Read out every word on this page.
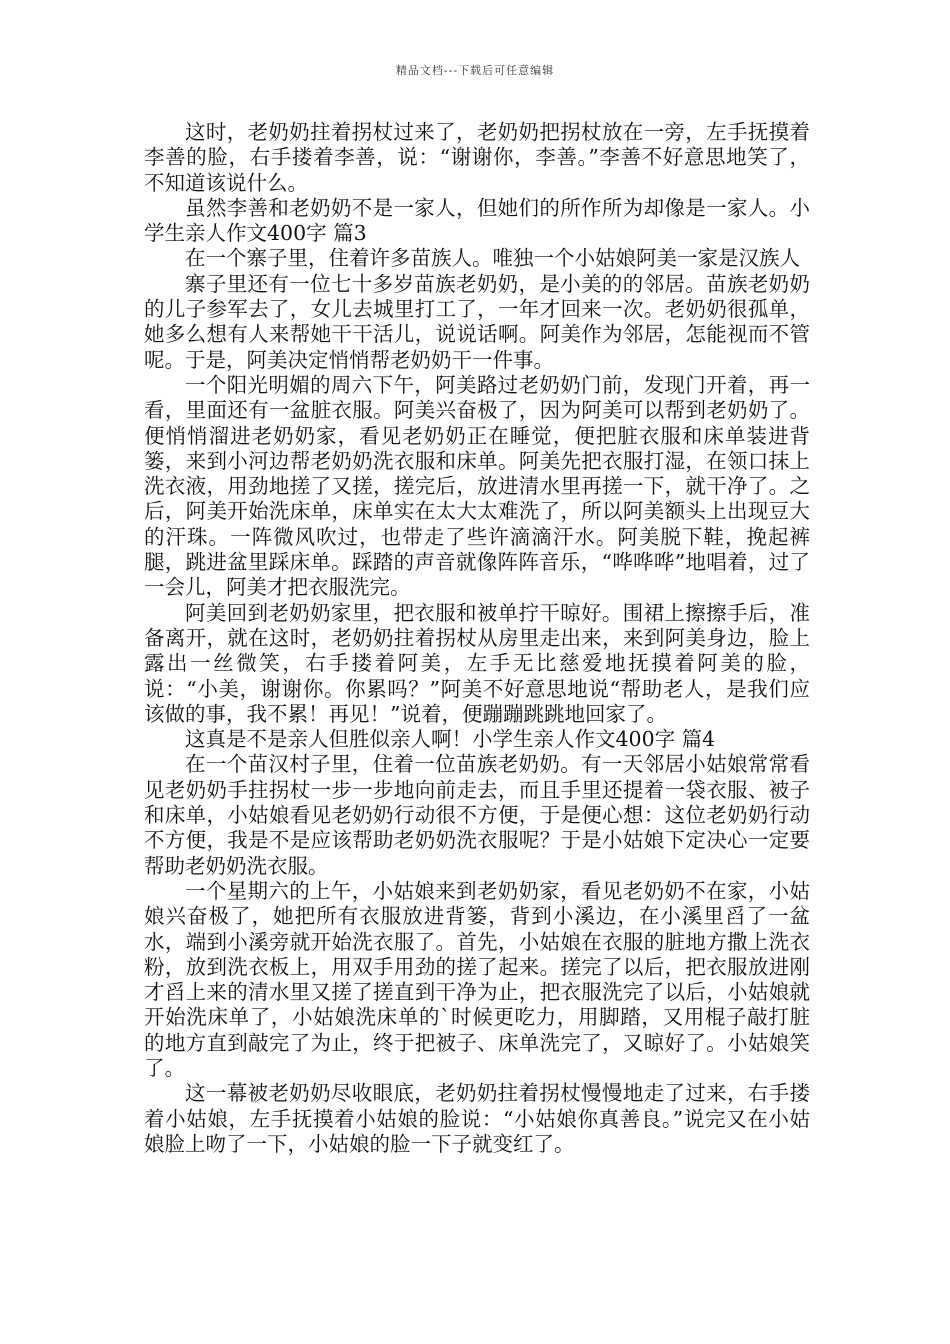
精品文档---下载后可任意编辑

这时，老奶奶拄着拐杖过来了，老奶奶把拐杖放在一旁，左手抚摸着李善的脸，右手搂着李善，说：“谢谢你，李善。”李善不好意思地笑了，不知道该说什么。

虽然李善和老奶奶不是一家人，但她们的所作所为却像是一家人。小学生亲人作文400字 篇3

在一个寨子里，住着许多苗族人。唯独一个小姑娘阿美一家是汉族人

寨子里还有一位七十多岁苗族老奶奶，是小美的的邻居。苗族老奶奶的儿子参军去了，女儿去城里打工了，一年才回来一次。老奶奶很孤单，她多么想有人来帮她干干活儿，说说话啊。阿美作为邻居，怎能视而不管呢。于是，阿美决定悄悄帮老奶奶干一件事。

一个阳光明媚的周六下午，阿美路过老奶奶门前，发现门开着，再一看，里面还有一盆脏衣服。阿美兴奋极了，因为阿美可以帮到老奶奶了。便悄悄溜进老奶奶家，看见老奶奶正在睡觉，便把脏衣服和床单装进背篓，来到小河边帮老奶奶洗衣服和床单。阿美先把衣服打湿，在领口抹上洗衣液，用劲地搓了又搓，搓完后，放进清水里再搓一下，就干净了。之后，阿美开始洗床单，床单实在太大太难洗了，所以阿美额头上出现豆大的汗珠。一阵微风吹过，也带走了些许滴滴汗水。阿美脱下鞋，挽起裤腿，跳进盆里踩床单。踩踏的声音就像阵阵音乐，“哗哗哗”地唱着，过了一会儿，阿美才把衣服洗完。

阿美回到老奶奶家里，把衣服和被单拧干晾好。围裙上擦擦手后，准备离开，就在这时，老奶奶拄着拐杖从房里走出来，来到阿美身边，脸上露出一丝微笑，右手搂着阿美，左手无比慈爱地抚摸着阿美的脸，说：“小美，谢谢你。你累吗？”阿美不好意思地说“帮助老人，是我们应该做的事，我不累！再见！”说着，便蹦蹦跳跳地回家了。

这真是不是亲人但胜似亲人啊！小学生亲人作文400字 篇4

在一个苗汉村子里，住着一位苗族老奶奶。有一天邻居小姑娘常常看见老奶奶手拄拐杖一步一步地向前走去，而且手里还提着一袋衣服、被子和床单，小姑娘看见老奶奶行动很不方便，于是便心想：这位老奶奶行动不方便，我是不是应该帮助老奶奶洗衣服呢？于是小姑娘下定决心一定要帮助老奶奶洗衣服。

一个星期六的上午，小姑娘来到老奶奶家，看见老奶奶不在家，小姑娘兴奋极了，她把所有衣服放进背篓，背到小溪边，在小溪里舀了一盆水，端到小溪旁就开始洗衣服了。首先，小姑娘在衣服的脏地方撒上洗衣粉，放到洗衣板上，用双手用劲的搓了起来。搓完了以后，把衣服放进刚才舀上来的清水里又搓了搓直到干净为止，把衣服洗完了以后，小姑娘就开始洗床单了，小姑娘洗床单的`时候更吃力，用脚踏，又用棍子敲打脏的地方直到敲完了为止，终于把被子、床单洗完了，又晾好了。小姑娘笑了。

这一幕被老奶奶尽收眼底，老奶奶拄着拐杖慢慢地走了过来，右手搂着小姑娘，左手抚摸着小姑娘的脸说：“小姑娘你真善良。”说完又在小姑娘脸上吻了一下，小姑娘的脸一下子就变红了。
